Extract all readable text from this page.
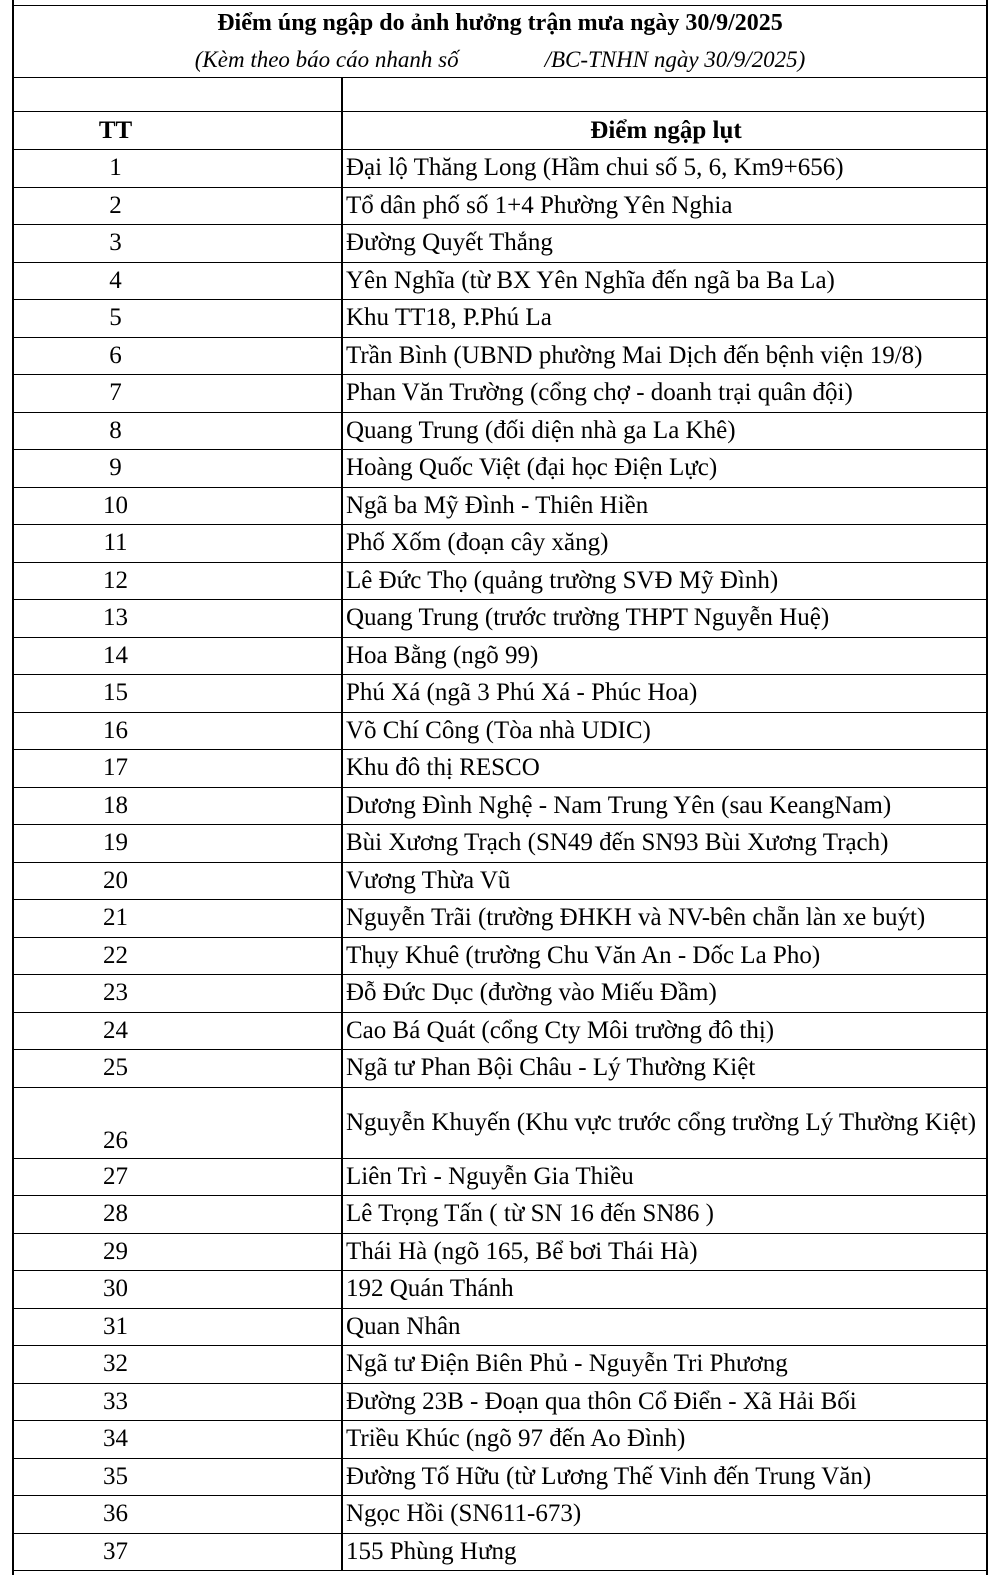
Điểm úng ngập do ảnh hưởng trận mưa ngày 30/9/2025
(Kèm theo báo cáo nhanh số	/BC-TNHN ngày 30/9/2025)

TT	Điểm ngập lụt
1	Đại lộ Thăng Long (Hầm chui số 5, 6, Km9+656)
2	Tổ dân phố số 1+4 Phường Yên Nghia
3	Đường Quyết Thắng
4	Yên Nghĩa (từ BX Yên Nghĩa đến ngã ba Ba La)
5	Khu TT18, P.Phú La
6	Trần Bình (UBND phường Mai Dịch đến bệnh viện 19/8)
7	Phan Văn Trường (cổng chợ - doanh trại quân đội)
8	Quang Trung (đối diện nhà ga La Khê)
9	Hoàng Quốc Việt (đại học Điện Lực)
10	Ngã ba Mỹ Đình - Thiên Hiền
11	Phố Xốm (đoạn cây xăng)
12	Lê Đức Thọ (quảng trường SVĐ Mỹ Đình)
13	Quang Trung (trước trường THPT Nguyễn Huệ)
14	Hoa Bằng (ngõ 99)
15	Phú Xá (ngã 3 Phú Xá - Phúc Hoa)
16	Võ Chí Công (Tòa nhà UDIC)
17	Khu đô thị RESCO
18	Dương Đình Nghệ - Nam Trung Yên (sau KeangNam)
19	Bùi Xương Trạch (SN49 đến SN93 Bùi Xương Trạch)
20	Vương Thừa Vũ
21	Nguyễn Trãi (trường ĐHKH và NV-bên chẵn làn xe buýt)
22	Thụy Khuê (trường Chu Văn An - Dốc La Pho)
23	Đỗ Đức Dục (đường vào Miếu Đầm)
24	Cao Bá Quát (cổng Cty Môi trường đô thị)
25	Ngã tư Phan Bội Châu - Lý Thường Kiệt
26	Nguyễn Khuyến (Khu vực trước cổng trường Lý Thường Kiệt)
27	Liên Trì - Nguyễn Gia Thiều
28	Lê Trọng Tấn ( từ SN 16 đến SN86 )
29	Thái Hà (ngõ 165, Bể bơi Thái Hà)
30	192 Quán Thánh
31	Quan Nhân
32	Ngã tư Điện Biên Phủ - Nguyễn Tri Phương
33	Đường 23B - Đoạn qua thôn Cổ Điển - Xã Hải Bối
34	Triều Khúc (ngõ 97 đến Ao Đình)
35	Đường Tố Hữu (từ Lương Thế Vinh đến Trung Văn)
36	Ngọc Hồi (SN611-673)
37	155 Phùng Hưng
